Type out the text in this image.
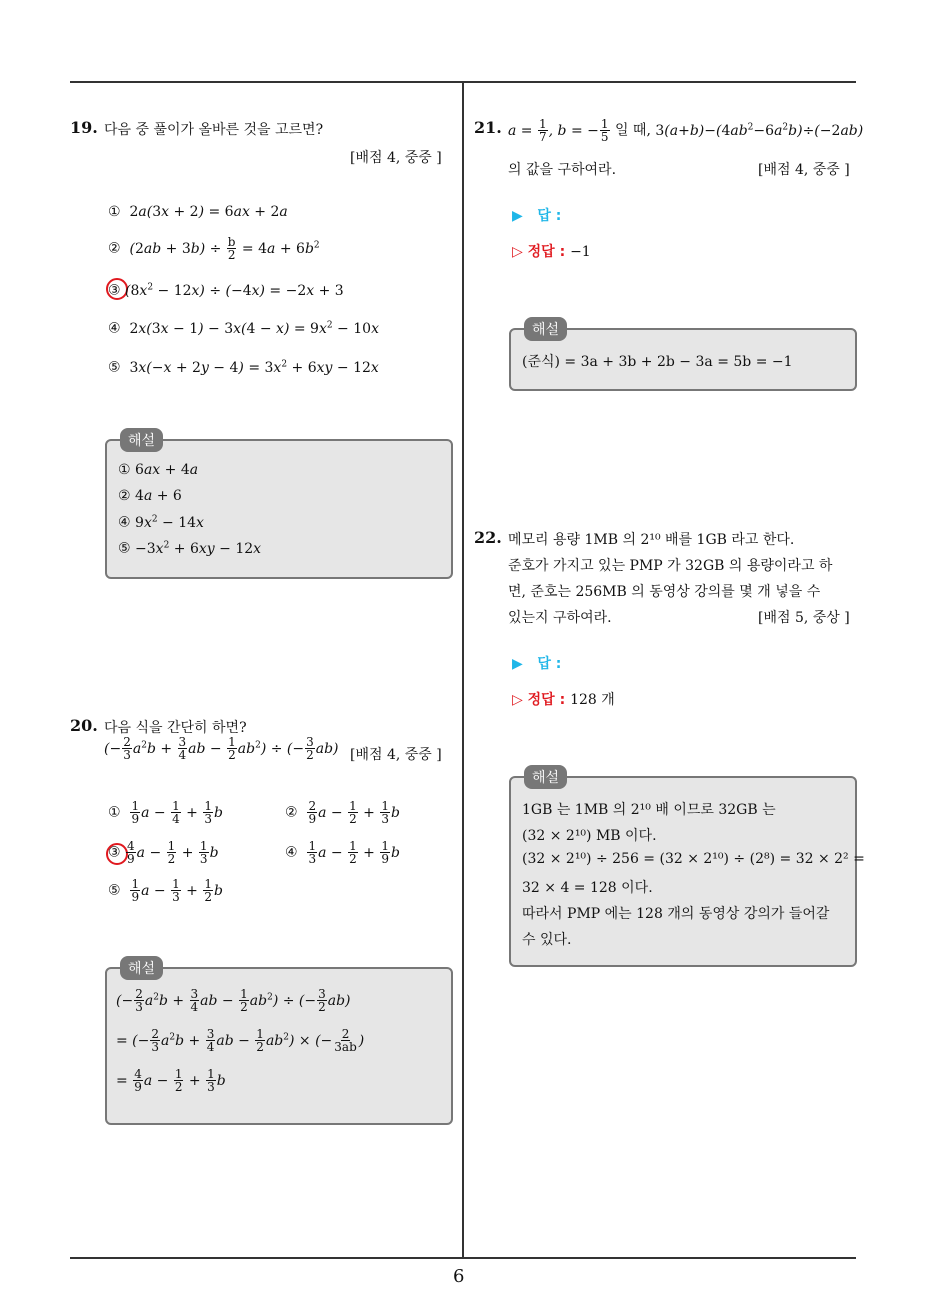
6
19. 다음 중 풀이가 올바른 것을 고르면?
[배점 4, 중중 ]
① 2a(3x + 2) = 6ax + 2a
② $(2ab + 3b) \div \frac{b}{2} = 4a + 6b^2$
③ $(8x^2 - 12x) \div (-4x) = -2x + 3$
④ $2x(3x - 1) - 3x(4 - x) = 9x^2 - 10x$
⑤ $3x(-x + 2y - 4) = 3x^2 + 6xy - 12x$
해설
① 6ax + 4a
② 4a + 6
④ $9x^2 - 14x$
⑤ $-3x^2 + 6xy - 12x$
20. 다음 식을 간단히 하면?
(− $\frac{2}{3} a^2b + \frac{3}{4}$ ab − $\frac{1}{2} ab^2$) ÷ (− $\frac{3}{2} ab$) [배점 4, 중중 ]
① $\frac{1}{9}$ $a - \frac{1}{4} + \frac{1}{3}$ b	② $\frac{2}{9}$ $a - \frac{1}{2} + \frac{1}{3}$ b
③ $\frac{4}{9}$ $a - \frac{1}{2} + \frac{1}{3}$ b	④ $\frac{1}{3}$ $a - \frac{1}{2} + \frac{1}{9}$ b
⑤ $\frac{1}{9}$ $a - \frac{1}{3} + \frac{1}{2}$ b
해설
(− $\frac{2}{3} a^2b + \frac{3}{4}$ ab − $\frac{1}{2} ab^2$) ÷ (− $\frac{3}{2} ab$)
= (− $\frac{2}{3} a^2b + \frac{3}{4}$ ab − $\frac{1}{2} ab^2$) × (− $\frac{2}{3ab}$ )
= $\frac{4}{9}$ $a - \frac{1}{2} + \frac{1}{3}$ b
21. $a = \frac{1}{7}$ , b = − $\frac{1}{5}$ 일 때, $3(a+b)-(4ab^2-6a^2b)\div(-2ab)$
의 값을 구하여라.	[배점 4, 중중 ]
▶ 답 :
▷ 정답 : −1
해설
(준식) = 3a + 3b + 2b − 3a = 5b = −1
22. 메모리 용량 1MB 의 2¹⁰ 배를 1GB 라고 한다.
준호가 가지고 있는 PMP 가 32GB 의 용량이라고 하
면, 준호는 256MB 의 동영상 강의를 몇 개 넣을 수
있는지 구하여라.	[배점 5, 중상 ]
▶ 답 :
▷ 정답 : 128 개
해설
1GB 는 1MB 의 2¹⁰ 배 이므로 32GB 는
(32 × 2¹⁰) MB 이다.
(32 × 2¹⁰) ÷ 256 = (32 × 2¹⁰) ÷ (2⁸) = 32 × 2² =
32 × 4 = 128 이다.
따라서 PMP 에는 128 개의 동영상 강의가 들어갈
수 있다.
